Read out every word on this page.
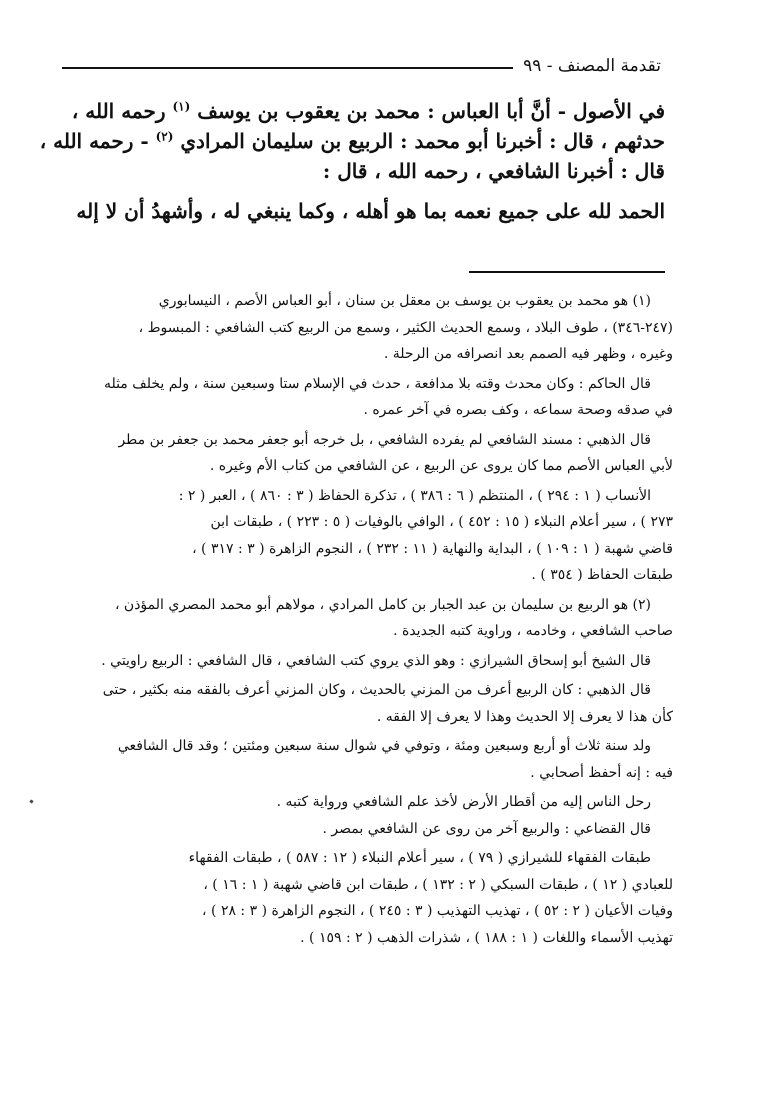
تقدمة المصنف - ٩٩
في الأصول - أنَّ أبا العباس : محمد بن يعقوب بن يوسف $^{(١)}$ رحمه الله ،
حدثهم ، قال : أخبرنا أبو محمد : الربيع بن سليمان المرادي $^{(٢)}$ - رحمه الله ،
قال : أخبرنا الشافعي ، رحمه الله ، قال :
الحمد لله على جميع نعمه بما هو أهله ، وكما ينبغي له ، وأشهدُ أن لا إله
(١) هو محمد بن يعقوب بن يوسف بن معقل بن سنان ، أبو العباس الأصم ، النيسابوري
(٢٤٧-٣٤٦) ، طوف البلاد ، وسمع الحديث الكثير ، وسمع من الربيع كتب الشافعي : المبسوط ،
وغيره ، وظهر فيه الصمم بعد انصرافه من الرحلة .
قال الحاكم : وكان محدث وقته بلا مدافعة ، حدث في الإسلام ستا وسبعين سنة ، ولم يخلف مثله
في صدقه وصحة سماعه ، وكف بصره في آخر عمره .
قال الذهبي : مسند الشافعي لم يفرده الشافعي ، بل خرجه أبو جعفر محمد بن جعفر بن مطر
لأبي العباس الأصم مما كان يروى عن الربيع ، عن الشافعي من كتاب الأم وغيره .
الأنساب ( ١ : ٢٩٤ ) ، المنتظم ( ٦ : ٣٨٦ ) ، تذكرة الحفاظ ( ٣ : ٨٦٠ ) ، العبر ( ٢ :
٢٧٣ ) ، سير أعلام النبلاء ( ١٥ : ٤٥٢ ) ، الوافي بالوفيات ( ٥ : ٢٢٣ ) ، طبقات ابن
قاضي شهبة ( ١ : ١٠٩ ) ، البداية والنهاية ( ١١ : ٢٣٢ ) ، النجوم الزاهرة ( ٣ : ٣١٧ ) ،
طبقات الحفاظ ( ٣٥٤ ) .
(٢) هو الربيع بن سليمان بن عبد الجبار بن كامل المرادي ، مولاهم أبو محمد المصري المؤذن ،
صاحب الشافعي ، وخادمه ، وراوية كتبه الجديدة .
قال الشيخ أبو إسحاق الشيرازي : وهو الذي يروي كتب الشافعي ، قال الشافعي : الربيع راويتي .
قال الذهبي : كان الربيع أعرف من المزني بالحديث ، وكان المزني أعرف بالفقه منه بكثير ، حتى
كأن هذا لا يعرف إلا الحديث وهذا لا يعرف إلا الفقه .
ولد سنة ثلاث أو أربع وسبعين ومئة ، وتوفي في شوال سنة سبعين ومئتين ؛ وقد قال الشافعي
فيه : إنه أحفظ أصحابي .
رحل الناس إليه من أقطار الأرض لأخذ علم الشافعي ورواية كتبه .
قال القضاعي : والربيع آخر من روى عن الشافعي بمصر .
طبقات الفقهاء للشيرازي ( ٧٩ ) ، سير أعلام النبلاء ( ١٢ : ٥٨٧ ) ، طبقات الفقهاء
للعبادي ( ١٢ ) ، طبقات السبكي ( ٢ : ١٣٢ ) ، طبقات ابن قاضي شهبة ( ١ : ١٦ ) ،
وفيات الأعيان ( ٢ : ٥٢ ) ، تهذيب التهذيب ( ٣ : ٢٤٥ ) ، النجوم الزاهرة ( ٣ : ٢٨ ) ،
تهذيب الأسماء واللغات ( ١ : ١٨٨ ) ، شذرات الذهب ( ٢ : ١٥٩ ) .
